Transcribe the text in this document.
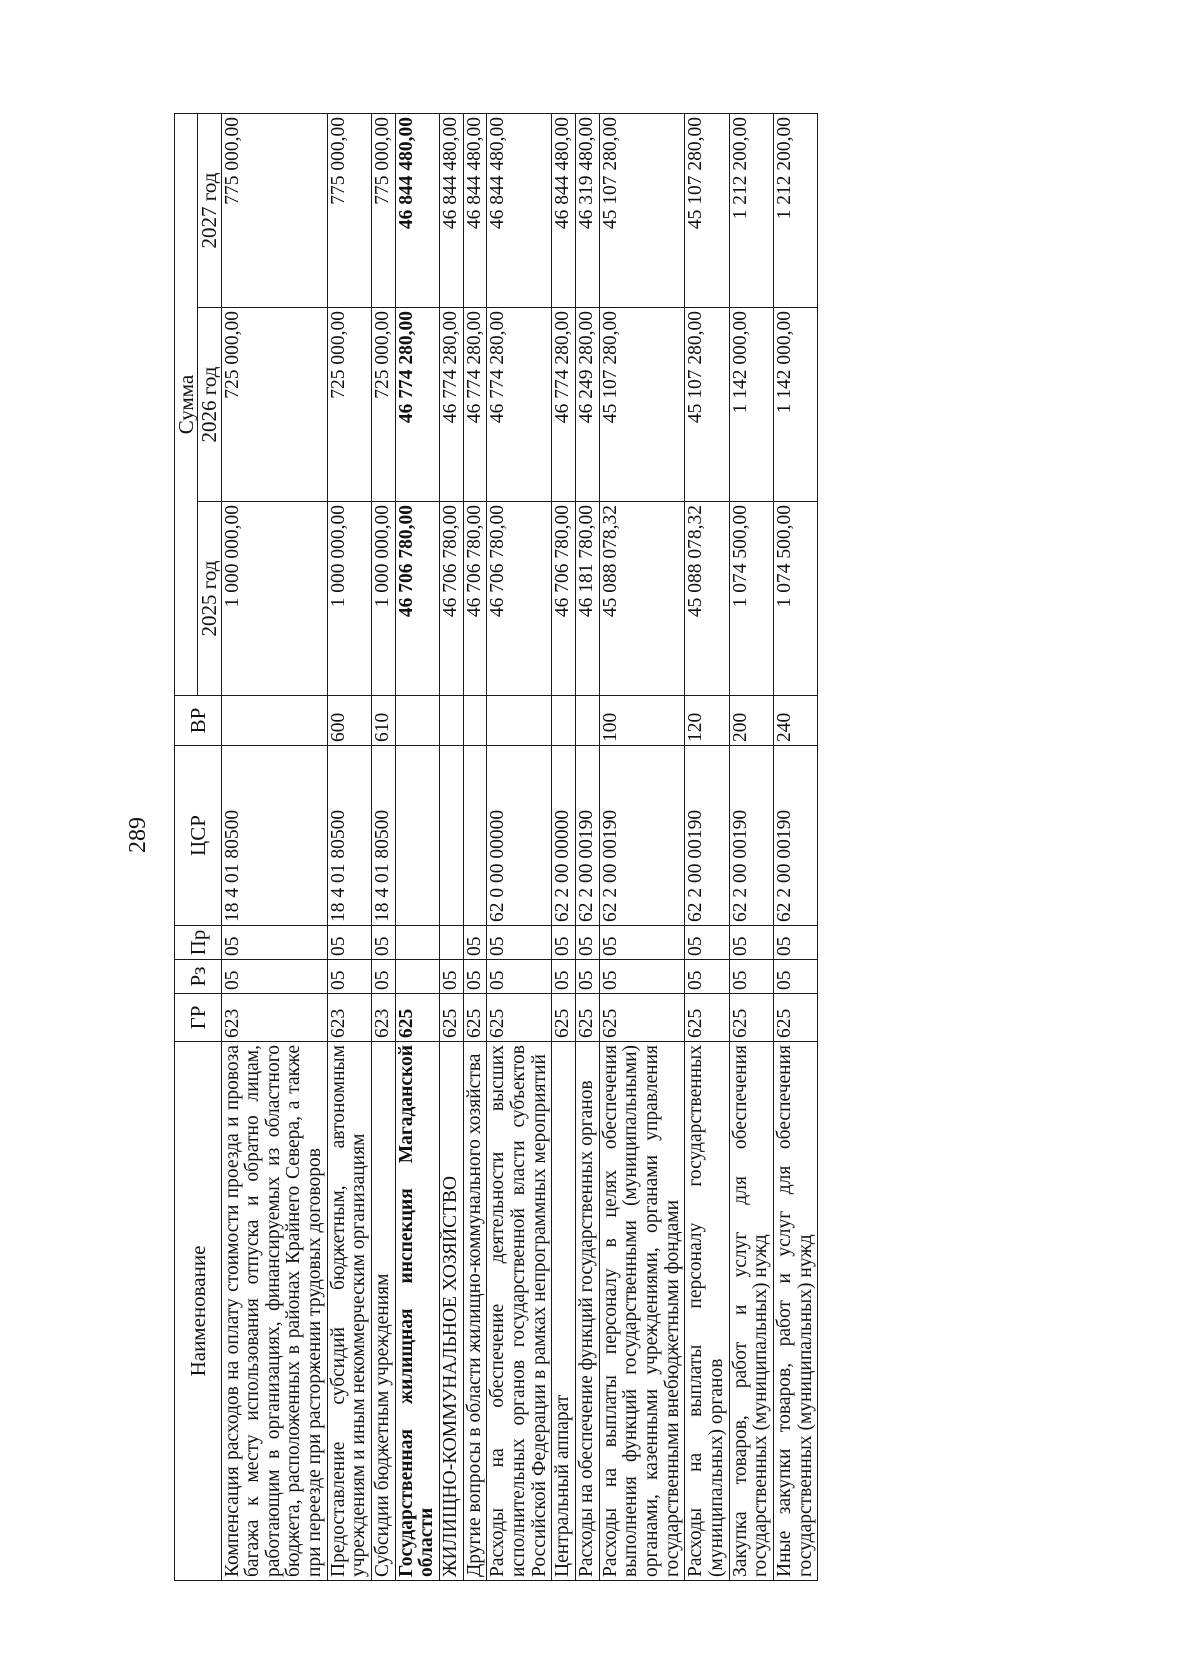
289
Наименование	ГР	Рз	Пр	ЦСР	ВР	Сумма		
						2025 год	2026 год	2027 год
Компенсация расходов на оплату стоимости проезда и провоза багажа к месту использования отпуска и обратно лицам, работающим в организациях, финансируемых из областного бюджета, расположенных в районах Крайнего Севера, а также при переезде при расторжении трудовых договоров	623	05	05	18 4 01 80500		1 000 000,00	725 000,00	775 000,00
Предоставление субсидий бюджетным, автономным учреждениям и иным некоммерческим организациям	623	05	05	18 4 01 80500	600	1 000 000,00	725 000,00	775 000,00
Субсидии бюджетным учреждениям	623	05	05	18 4 01 80500	610	1 000 000,00	725 000,00	775 000,00
Государственная жилищная инспекция Магаданской области	625					46 706 780,00	46 774 280,00	46 844 480,00
ЖИЛИЩНО-КОММУНАЛЬНОЕ ХОЗЯЙСТВО	625	05				46 706 780,00	46 774 280,00	46 844 480,00
Другие вопросы в области жилищно-коммунального хозяйства	625	05	05			46 706 780,00	46 774 280,00	46 844 480,00
Расходы на обеспечение деятельности высших исполнительных органов государственной власти субъектов Российской Федерации в рамках непрограммных мероприятий	625	05	05	62 0 00 00000		46 706 780,00	46 774 280,00	46 844 480,00
Центральный аппарат	625	05	05	62 2 00 00000		46 706 780,00	46 774 280,00	46 844 480,00
Расходы на обеспечение функций государственных органов	625	05	05	62 2 00 00190		46 181 780,00	46 249 280,00	46 319 480,00
Расходы на выплаты персоналу в целях обеспечения выполнения функций государственными (муниципальными) органами, казенными учреждениями, органами управления государственными внебюджетными фондами	625	05	05	62 2 00 00190	100	45 088 078,32	45 107 280,00	45 107 280,00
Расходы на выплаты персоналу государственных (муниципальных) органов	625	05	05	62 2 00 00190	120	45 088 078,32	45 107 280,00	45 107 280,00
Закупка товаров, работ и услуг для обеспечения государственных (муниципальных) нужд	625	05	05	62 2 00 00190	200	1 074 500,00	1 142 000,00	1 212 200,00
Иные закупки товаров, работ и услуг для обеспечения государственных (муниципальных) нужд	625	05	05	62 2 00 00190	240	1 074 500,00	1 142 000,00	1 212 200,00
